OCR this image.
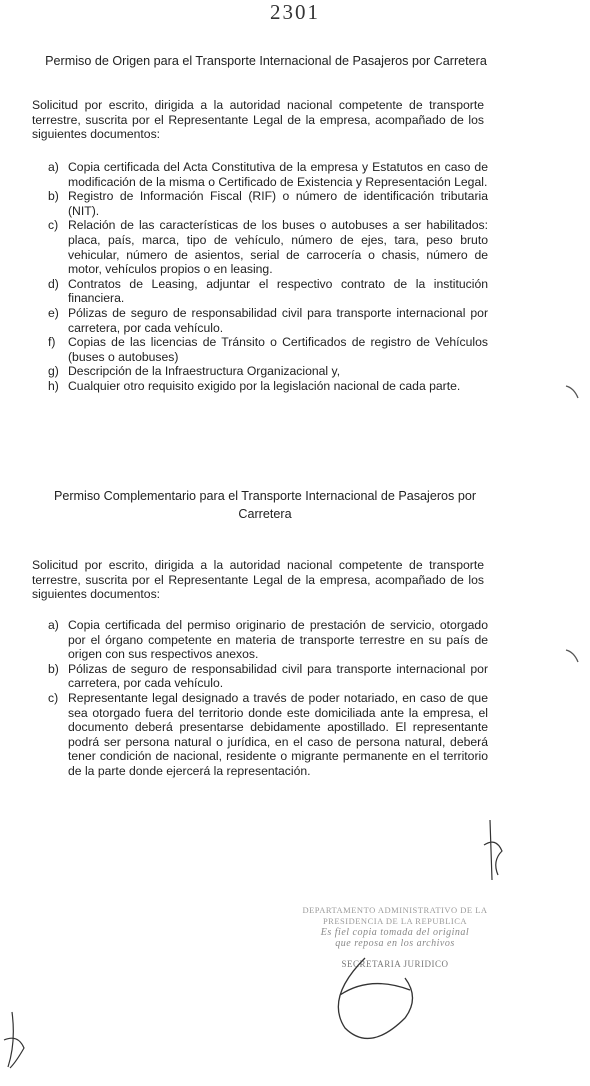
2301
Permiso de Origen para el Transporte Internacional de Pasajeros por Carretera
Solicitud por escrito, dirigida a la autoridad nacional competente de transporte terrestre, suscrita por el Representante Legal de la empresa, acompañado de los siguientes documentos:
a) Copia certificada del Acta Constitutiva de la empresa y Estatutos en caso de modificación de la misma o Certificado de Existencia y Representación Legal.
b) Registro de Información Fiscal (RIF) o número de identificación tributaria (NIT).
c) Relación de las características de los buses o autobuses a ser habilitados: placa, país, marca, tipo de vehículo, número de ejes, tara, peso bruto vehicular, número de asientos, serial de carrocería o chasis, número de motor, vehículos propios o en leasing.
d) Contratos de Leasing, adjuntar el respectivo contrato de la institución financiera.
e) Pólizas de seguro de responsabilidad civil para transporte internacional por carretera, por cada vehículo.
f) Copias de las licencias de Tránsito o Certificados de registro de Vehículos (buses o autobuses)
g) Descripción de la Infraestructura Organizacional y,
h) Cualquier otro requisito exigido por la legislación nacional de cada parte.
Permiso Complementario para el Transporte Internacional de Pasajeros por Carretera
Solicitud por escrito, dirigida a la autoridad nacional competente de transporte terrestre, suscrita por el Representante Legal de la empresa, acompañado de los siguientes documentos:
a) Copia certificada del permiso originario de prestación de servicio, otorgado por el órgano competente en materia de transporte terrestre en su país de origen con sus respectivos anexos.
b) Pólizas de seguro de responsabilidad civil para transporte internacional por carretera, por cada vehículo.
c) Representante legal designado a través de poder notariado, en caso de que sea otorgado fuera del territorio donde este domiciliada ante la empresa, el documento deberá presentarse debidamente apostillado. El representante podrá ser persona natural o jurídica, en el caso de persona natural, deberá tener condición de nacional, residente o migrante permanente en el territorio de la parte donde ejercerá la representación.
DEPARTAMENTO ADMINISTRATIVO DE LA
PRESIDENCIA DE LA REPUBLICA
Es fiel copia tomada del original
que reposa en los archivos
SECRETARIA JURIDICO
